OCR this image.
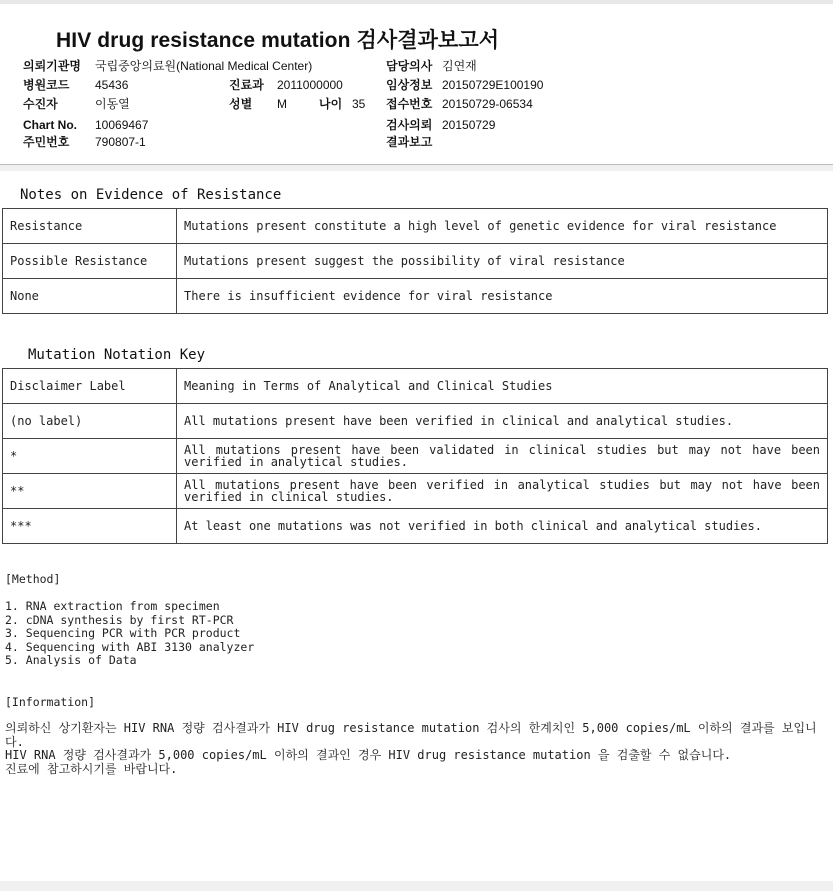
HIV drug resistance mutation 검사결과보고서
의뢰기관명 국립중앙의료원(National Medical Center)	담당의사 김연재
병원코드 45436	진료과 2011000000	임상정보 20150729E100190
수진자	이동열	성별 M	나이 35 접수번호 20150729-06534
Chart No. 10069467	검사의뢰 20150729
주민번호 790807-1	결과보고
Notes on Evidence of Resistance
Resistance	Mutations present constitute a high level of genetic evidence for viral resistance
Possible Resistance	Mutations present suggest the possibility of viral resistance
None	There is insufficient evidence for viral resistance
Mutation Notation Key
Disclaimer Label	Meaning in Terms of Analytical and Clinical Studies
(no label)	All mutations present have been verified in clinical and analytical studies.
*	All mutations present have been validated in clinical studies but may not have been verified in analytical studies.
**	All mutations present have been verified in analytical studies but may not have been verified in clinical studies.
***	At least one mutations was not verified in both clinical and analytical studies.
[Method]
1. RNA extraction from specimen
2. cDNA synthesis by first RT-PCR
3. Sequencing PCR with PCR product
4. Sequencing with ABI 3130 analyzer
5. Analysis of Data
[Information]
의뢰하신 상기환자는 HIV RNA 정량 검사결과가 HIV drug resistance mutation 검사의 한계치인 5,000 copies/mL 이하의 결과를 보입니다.
HIV RNA 정량 검사결과가 5,000 copies/mL 이하의 결과인 경우 HIV drug resistance mutation 을 검출할 수 없습니다.
진료에 참고하시기를 바랍니다.
